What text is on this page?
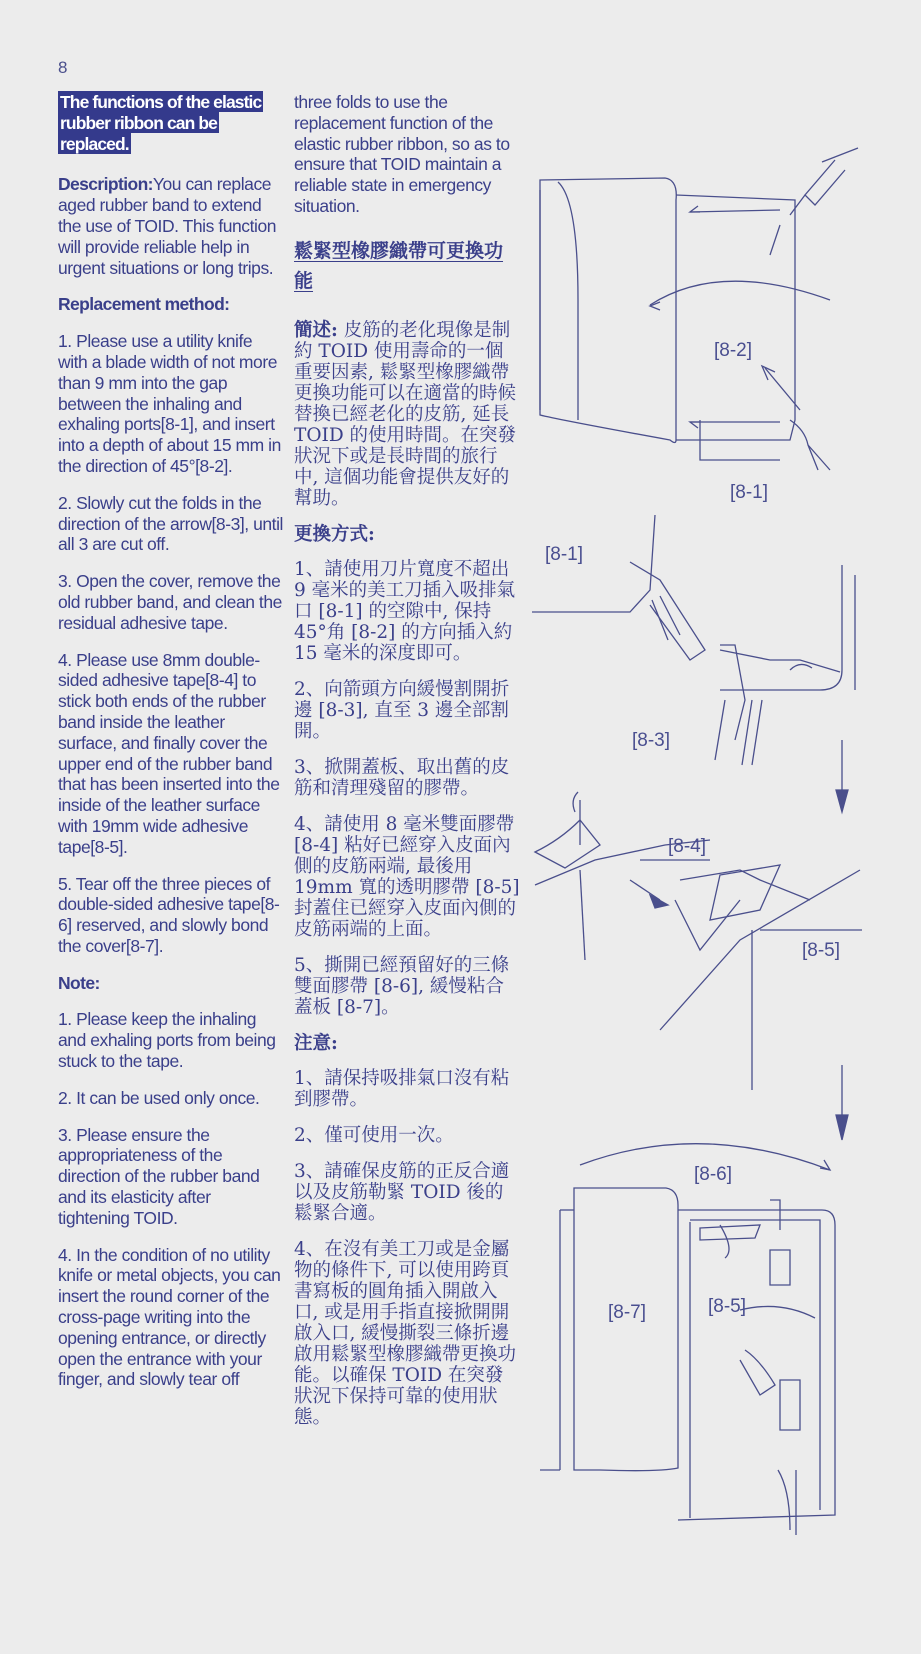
8
The functions of the elastic rubber ribbon can be replaced.

Description:You can replace aged rubber band to extend the use of TOID. This function will provide reliable help in urgent situations or long trips.

Replacement method:

1. Please use a utility knife with a blade width of not more than 9 mm into the gap between the inhaling and exhaling ports[8-1], and insert into a depth of about 15 mm in the direction of 45°[8-2].

2. Slowly cut the folds in the direction of the arrow[8-3], until all 3 are cut off.

3. Open the cover, remove the old rubber band, and clean the residual adhesive tape.

4. Please use 8mm double-sided adhesive tape[8-4] to stick both ends of the rubber band inside the leather surface, and finally cover the upper end of the rubber band that has been inserted into the inside of the leather surface with 19mm wide adhesive tape[8-5].

5. Tear off the three pieces of double-sided adhesive tape[8-6] reserved, and slowly bond the cover[8-7].

Note:

1. Please keep the inhaling and exhaling ports from being stuck to the tape.

2. It can be used only once.

3. Please ensure the appropriateness of the direction of the rubber band and its elasticity after tightening TOID.

4. In the condition of no utility knife or metal objects, you can insert the round corner of the cross-page writing into the opening entrance, or directly open the entrance with your finger, and slowly tear off

three folds to use the replacement function of the elastic rubber ribbon, so as to ensure that TOID maintain a reliable state in emergency situation.

鬆緊型橡膠織帶可更換功能

簡述: 皮筋的老化現像是制約 TOID 使用壽命的一個重要因素, 鬆緊型橡膠織帶更換功能可以在適當的時候替換已經老化的皮筋, 延長 TOID 的使用時間。在突發狀況下或是長時間的旅行中, 這個功能會提供友好的幫助。

更換方式:

1、請使用刀片寬度不超出 9 毫米的美工刀插入吸排氣口 [8-1] 的空隙中, 保持 45°角 [8-2] 的方向插入約 15 毫米的深度即可。

2、向箭頭方向緩慢割開折邊 [8-3], 直至 3 邊全部割開。

3、掀開蓋板、取出舊的皮筋和清理殘留的膠帶。

4、請使用 8 毫米雙面膠帶 [8-4] 粘好已經穿入皮面內側的皮筋兩端, 最後用 19mm 寬的透明膠帶 [8-5] 封蓋住已經穿入皮面內側的皮筋兩端的上面。

5、撕開已經預留好的三條雙面膠帶 [8-6], 緩慢粘合蓋板 [8-7]。

注意:

1、請保持吸排氣口沒有粘到膠帶。

2、僅可使用一次。

3、請確保皮筋的正反合適以及皮筋勒緊 TOID 後的鬆緊合適。

4、在沒有美工刀或是金屬物的條件下, 可以使用跨頁書寫板的圓角插入開啟入口, 或是用手指直接掀開開啟入口, 緩慢撕裂三條折邊啟用鬆緊型橡膠織帶更換功能。以確保 TOID 在突發狀況下保持可靠的使用狀態。

[8-2]
[8-1]
[8-1]
[8-3]
[8-4]
[8-5]
[8-6]
[8-7]	[8-5]
